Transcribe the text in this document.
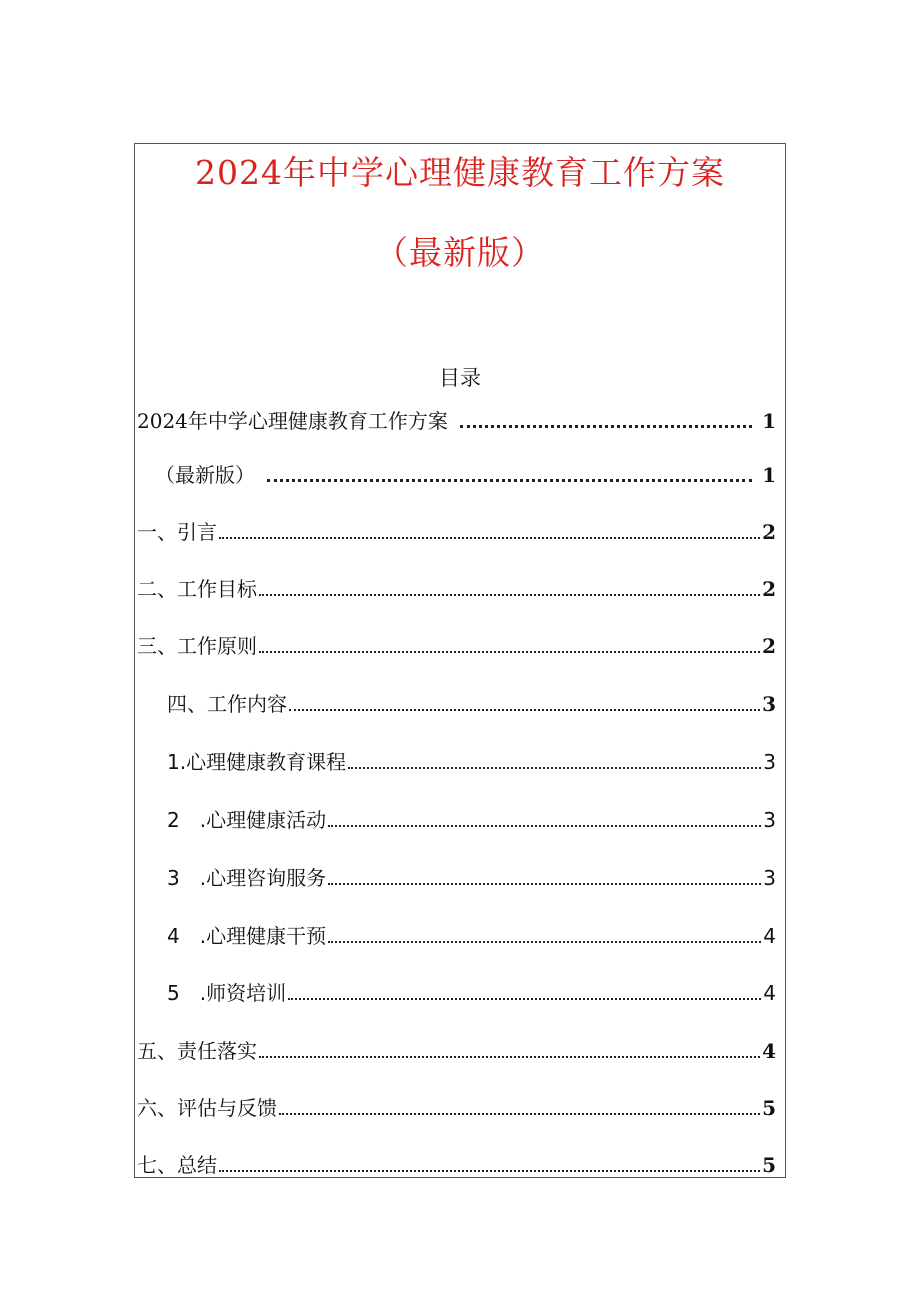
2024年中学心理健康教育工作方案
（最新版）
目录
2024年中学心理健康教育工作方案	1
（最新版）	1
一、引言	2
二、工作目标	2
三、工作原则	2
四、工作内容	3
1.心理健康教育课程	3
2　.心理健康活动	3
3　.心理咨询服务	3
4　.心理健康干预	4
5　.师资培训	4
五、责任落实	4
六、评估与反馈	5
七、总结	5
